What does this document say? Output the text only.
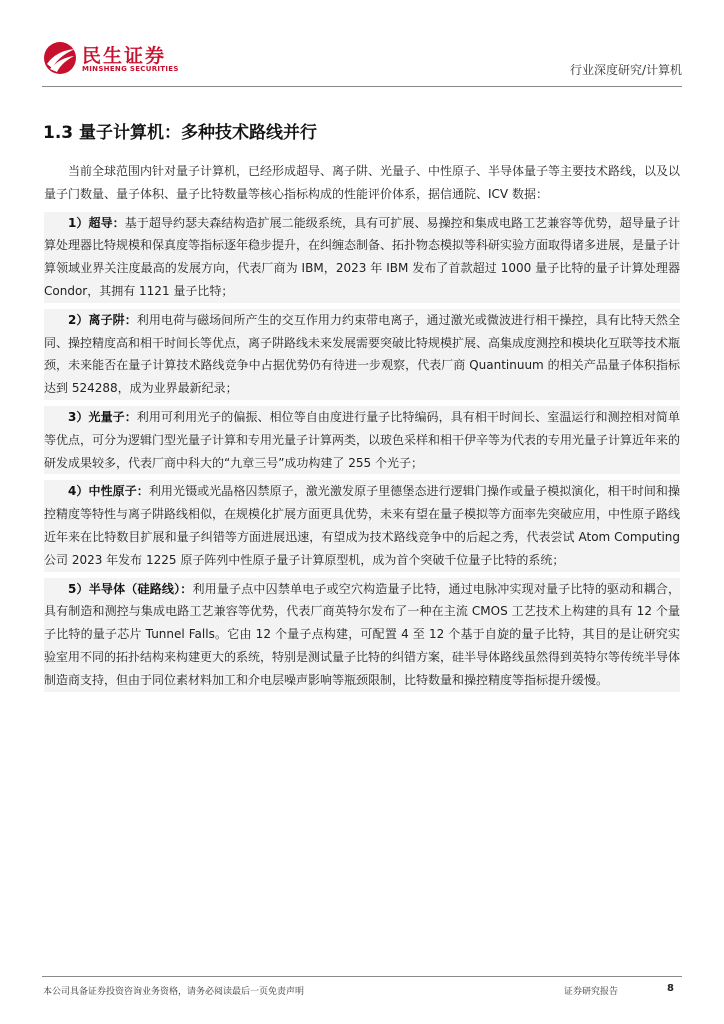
民生证券
MINSHENG SECURITIES	行业深度研究/计算机
1.3 量子计算机：多种技术路线并行

当前全球范围内针对量子计算机，已经形成超导、离子阱、光量子、中性原子、半导体量子等主要技术路线，以及以量子门数量、量子体积、量子比特数量等核心指标构成的性能评价体系，据信通院、ICV 数据：

1）超导：基于超导约瑟夫森结构造扩展二能级系统，具有可扩展、易操控和集成电路工艺兼容等优势，超导量子计算处理器比特规模和保真度等指标逐年稳步提升，在纠缠态制备、拓扑物态模拟等科研实验方面取得诸多进展，是量子计算领域业界关注度最高的发展方向，代表厂商为 IBM，2023 年 IBM 发布了首款超过 1000 量子比特的量子计算处理器 Condor，其拥有 1121 量子比特；

2）离子阱：利用电荷与磁场间所产生的交互作用力约束带电离子，通过激光或微波进行相干操控，具有比特天然全同、操控精度高和相干时间长等优点，离子阱路线未来发展需要突破比特规模扩展、高集成度测控和模块化互联等技术瓶颈，未来能否在量子计算技术路线竞争中占据优势仍有待进一步观察，代表厂商 Quantinuum 的相关产品量子体积指标达到 524288，成为业界最新纪录；

3）光量子：利用可利用光子的偏振、相位等自由度进行量子比特编码，具有相干时间长、室温运行和测控相对简单等优点，可分为逻辑门型光量子计算和专用光量子计算两类，以玻色采样和相干伊辛等为代表的专用光量子计算近年来的研发成果较多，代表厂商中科大的“九章三号”成功构建了 255 个光子；

4）中性原子：利用光镊或光晶格囚禁原子，激光激发原子里德堡态进行逻辑门操作或量子模拟演化，相干时间和操控精度等特性与离子阱路线相似，在规模化扩展方面更具优势，未来有望在量子模拟等方面率先突破应用，中性原子路线近年来在比特数目扩展和量子纠错等方面进展迅速，有望成为技术路线竞争中的后起之秀，代表尝试 Atom Computing 公司 2023 年发布 1225 原子阵列中性原子量子计算原型机，成为首个突破千位量子比特的系统；

5）半导体（硅路线）：利用量子点中囚禁单电子或空穴构造量子比特，通过电脉冲实现对量子比特的驱动和耦合，具有制造和测控与集成电路工艺兼容等优势，代表厂商英特尔发布了一种在主流 CMOS 工艺技术上构建的具有 12 个量子比特的量子芯片 Tunnel Falls。它由 12 个量子点构建，可配置 4 至 12 个基于自旋的量子比特，其目的是让研究实验室用不同的拓扑结构来构建更大的系统，特别是测试量子比特的纠错方案，硅半导体路线虽然得到英特尔等传统半导体制造商支持，但由于同位素材料加工和介电层噪声影响等瓶颈限制，比特数量和操控精度等指标提升缓慢。

本公司具备证券投资咨询业务资格，请务必阅读最后一页免责声明	证券研究报告	8
